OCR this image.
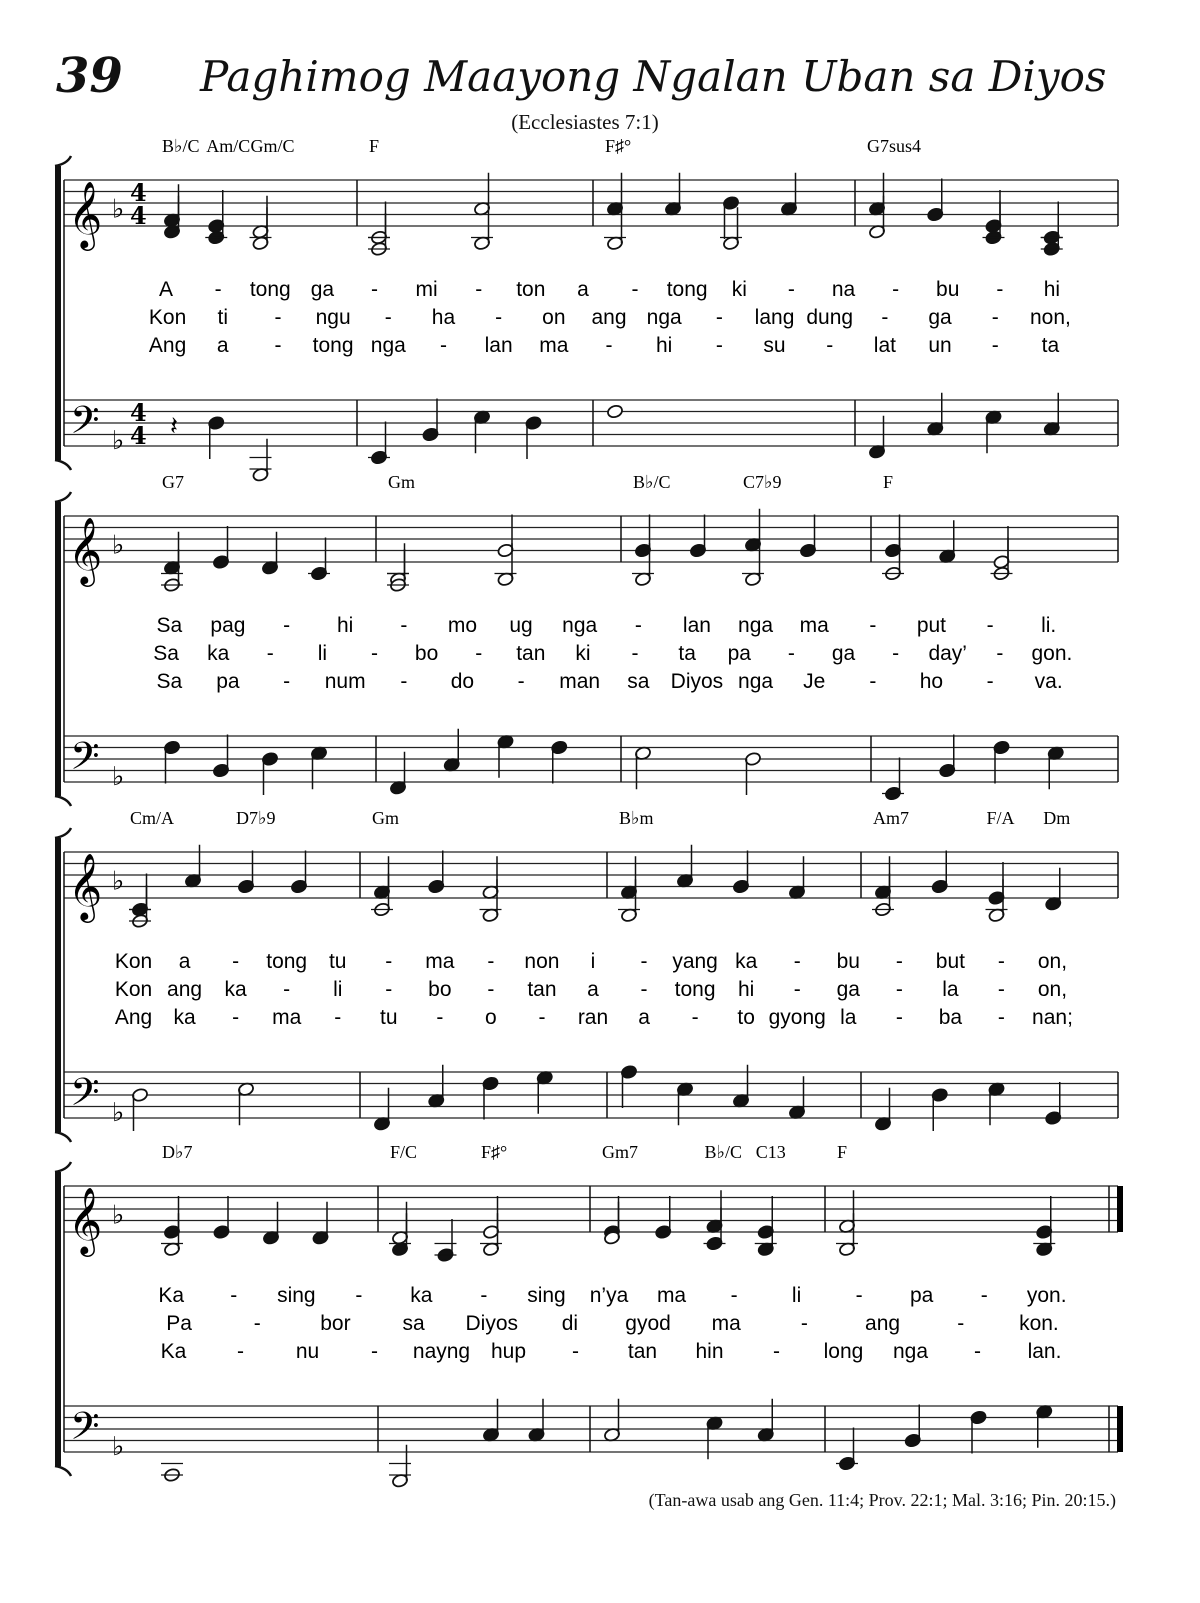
39 Paghimog Maayong Ngalan Uban sa Diyos
(Ecclesiastes 7:1)
𝄞
𝄢
♭
♭
4
4
4
4 𝄽
B♭/C Am/C Gm/C	F	F♯°	G7sus4
A - tong ga - mi - ton a - tong ki - na - bu - hi
Kon ti - ngu - ha - on ang nga - lang dung - ga - non,
Ang a - tong nga - lan ma - hi - su - lat un - ta
𝄞
𝄢
♭
♭
G7	Gm	B♭/C	C7♭9	F
Sa pag - hi - mo ug nga - lan nga ma - put - li.
Sa ka - li - bo - tan ki - ta pa - ga - day’ - gon.
Sa pa - num - do - man sa Diyos nga Je - ho - va.
𝄞
𝄢
♭
♭
Cm/A	D7♭9	Gm	B♭m	Am7	F/A Dm
Kon a - tong tu - ma - non i - yang ka - bu - but - on,
Kon ang ka - li - bo - tan a - tong hi - ga - la - on,
Ang ka - ma - tu - o - ran a - to gyong la - ba - nan;
𝄞
𝄢
♭
♭
D♭7	F/C	F♯°	Gm7	B♭/C C13	F
Ka - sing - ka - sing n’ya ma -	li	- pa - yon.
Pa	-	bor sa Diyos di gyod ma	-	ang	-	kon.
Ka - nu - nayng hup - tan hin - long nga - lan.
(Tan-awa usab ang Gen. 11:4; Prov. 22:1; Mal. 3:16; Pin. 20:15.)
